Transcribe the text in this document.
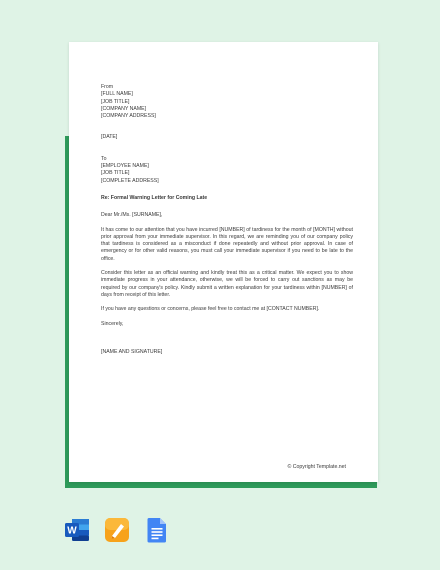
From
[FULL NAME]
[JOB TITLE]
[COMPANY NAME]
[COMPANY ADDRESS]
[DATE]
To
[EMPLOYEE NAME]
[JOB TITLE]
[COMPLETE ADDRESS]
Re: Formal Warning Letter for Coming Late
Dear Mr./Ms. [SURNAME],

It has come to our attention that you have incurred [NUMBER] of tardiness for the month of [MONTH] without prior approval from your immediate supervisor. In this regard, we are reminding you of our company policy that tardiness is considered as a misconduct if done repeatedly and without prior approval. In case of emergency or for other valid reasons, you must call your immediate supervisor if you need to be late to the office.

Consider this letter as an official warning and kindly treat this as a critical matter. We expect you to show immediate progress in your attendance, otherwise, we will be forced to carry out sanctions as may be required by our company's policy. Kindly submit a written explanation for your tardiness within [NUMBER] of days from receipt of this letter.

If you have any questions or concerns, please feel free to contact me at [CONTACT NUMBER].

Sincerely,
[NAME AND SIGNATURE]
© Copyright Template.net
W
